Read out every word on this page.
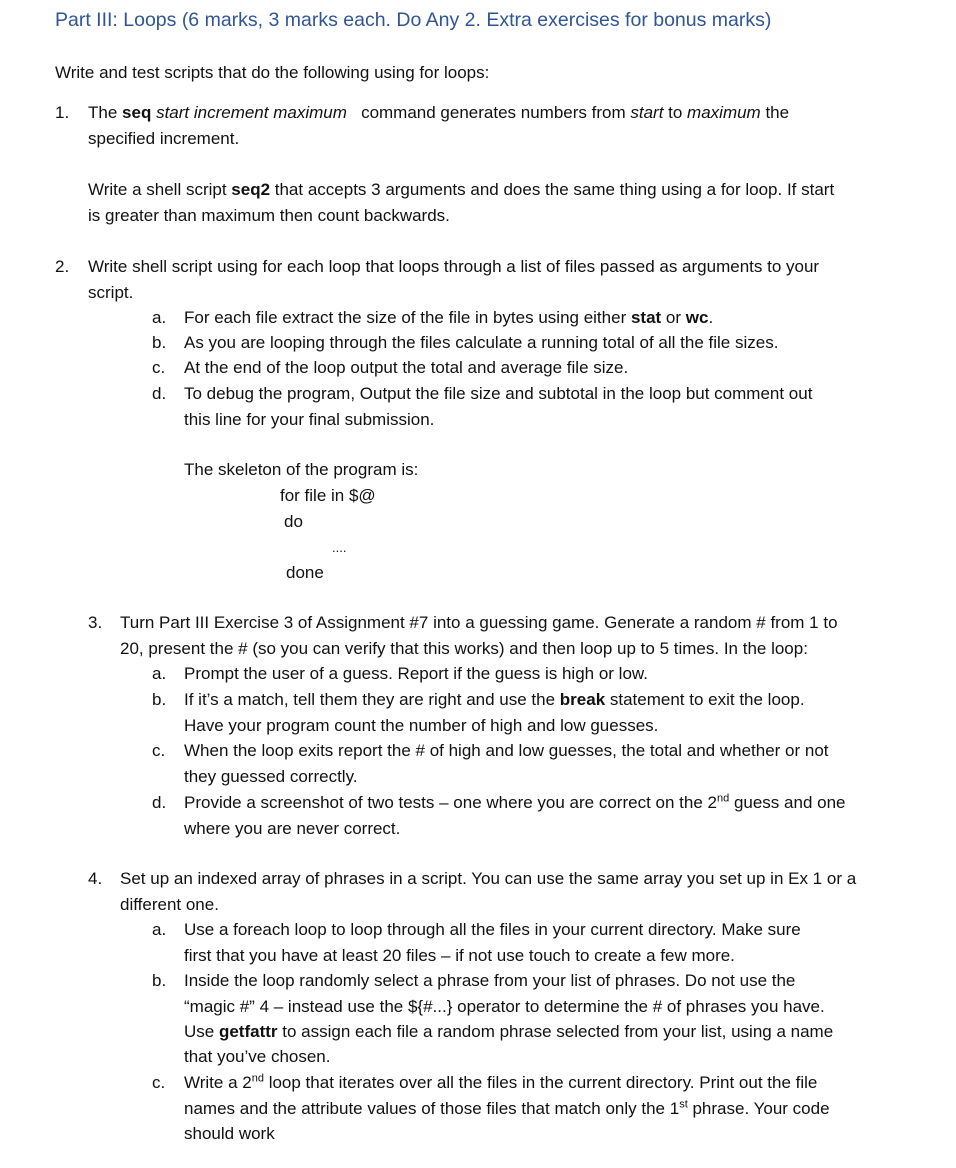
Part III: Loops (6 marks, 3 marks each. Do Any 2. Extra exercises for bonus marks)
Write and test scripts that do the following using for loops:
1. The seq start increment maximum command generates numbers from start to maximum the
specified increment.
Write a shell script seq2 that accepts 3 arguments and does the same thing using a for loop. If start
is greater than maximum then count backwards.
2. Write shell script using for each loop that loops through a list of files passed as arguments to your
script.
a. For each file extract the size of the file in bytes using either stat or wc.
b. As you are looping through the files calculate a running total of all the file sizes.
c. At the end of the loop output the total and average file size.
d. To debug the program, Output the file size and subtotal in the loop but comment out
this line for your final submission.
The skeleton of the program is:
for file in $@
do
....
done
3. Turn Part III Exercise 3 of Assignment #7 into a guessing game. Generate a random # from 1 to
20, present the # (so you can verify that this works) and then loop up to 5 times. In the loop:
a. Prompt the user of a guess. Report if the guess is high or low.
b. If it’s a match, tell them they are right and use the break statement to exit the loop.
Have your program count the number of high and low guesses.
c. When the loop exits report the # of high and low guesses, the total and whether or not
they guessed correctly.
d. Provide a screenshot of two tests – one where you are correct on the 2nd guess and one
where you are never correct.
4. Set up an indexed array of phrases in a script. You can use the same array you set up in Ex 1 or a
different one.
a. Use a foreach loop to loop through all the files in your current directory. Make sure
first that you have at least 20 files – if not use touch to create a few more.
b. Inside the loop randomly select a phrase from your list of phrases. Do not use the
“magic #” 4 – instead use the ${#...} operator to determine the # of phrases you have.
Use getfattr to assign each file a random phrase selected from your list, using a name
that you’ve chosen.
c. Write a 2nd loop that iterates over all the files in the current directory. Print out the file
names and the attribute values of those files that match only the 1st phrase. Your code
should work
